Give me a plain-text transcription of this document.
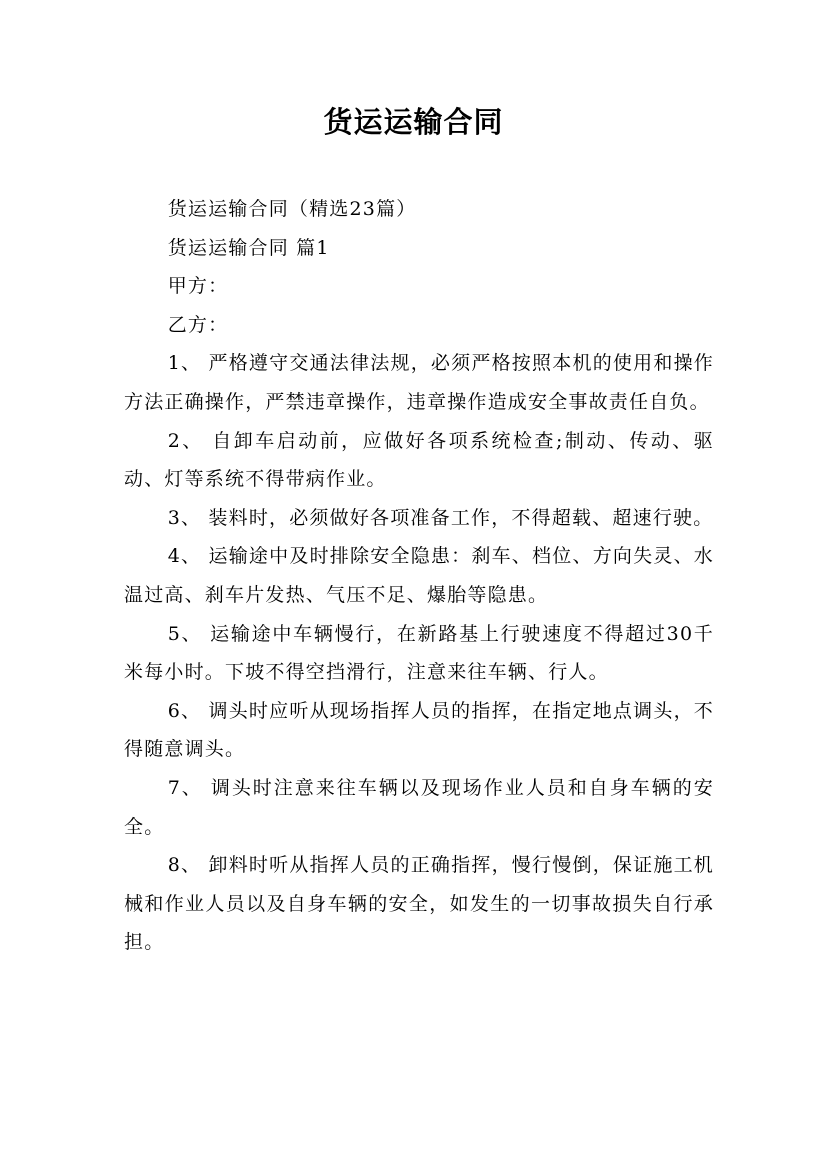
货运运输合同

货运运输合同（精选23篇）

货运运输合同 篇1

甲方：

乙方：

1、 严格遵守交通法律法规，必须严格按照本机的使用和操作方法正确操作，严禁违章操作，违章操作造成安全事故责任自负。

2、 自卸车启动前，应做好各项系统检查;制动、传动、驱动、灯等系统不得带病作业。

3、 装料时，必须做好各项准备工作，不得超载、超速行驶。

4、 运输途中及时排除安全隐患：刹车、档位、方向失灵、水温过高、刹车片发热、气压不足、爆胎等隐患。

5、 运输途中车辆慢行，在新路基上行驶速度不得超过30千米每小时。下坡不得空挡滑行，注意来往车辆、行人。

6、 调头时应听从现场指挥人员的指挥，在指定地点调头，不得随意调头。

7、 调头时注意来往车辆以及现场作业人员和自身车辆的安全。

8、 卸料时听从指挥人员的正确指挥，慢行慢倒，保证施工机械和作业人员以及自身车辆的安全，如发生的一切事故损失自行承担。
